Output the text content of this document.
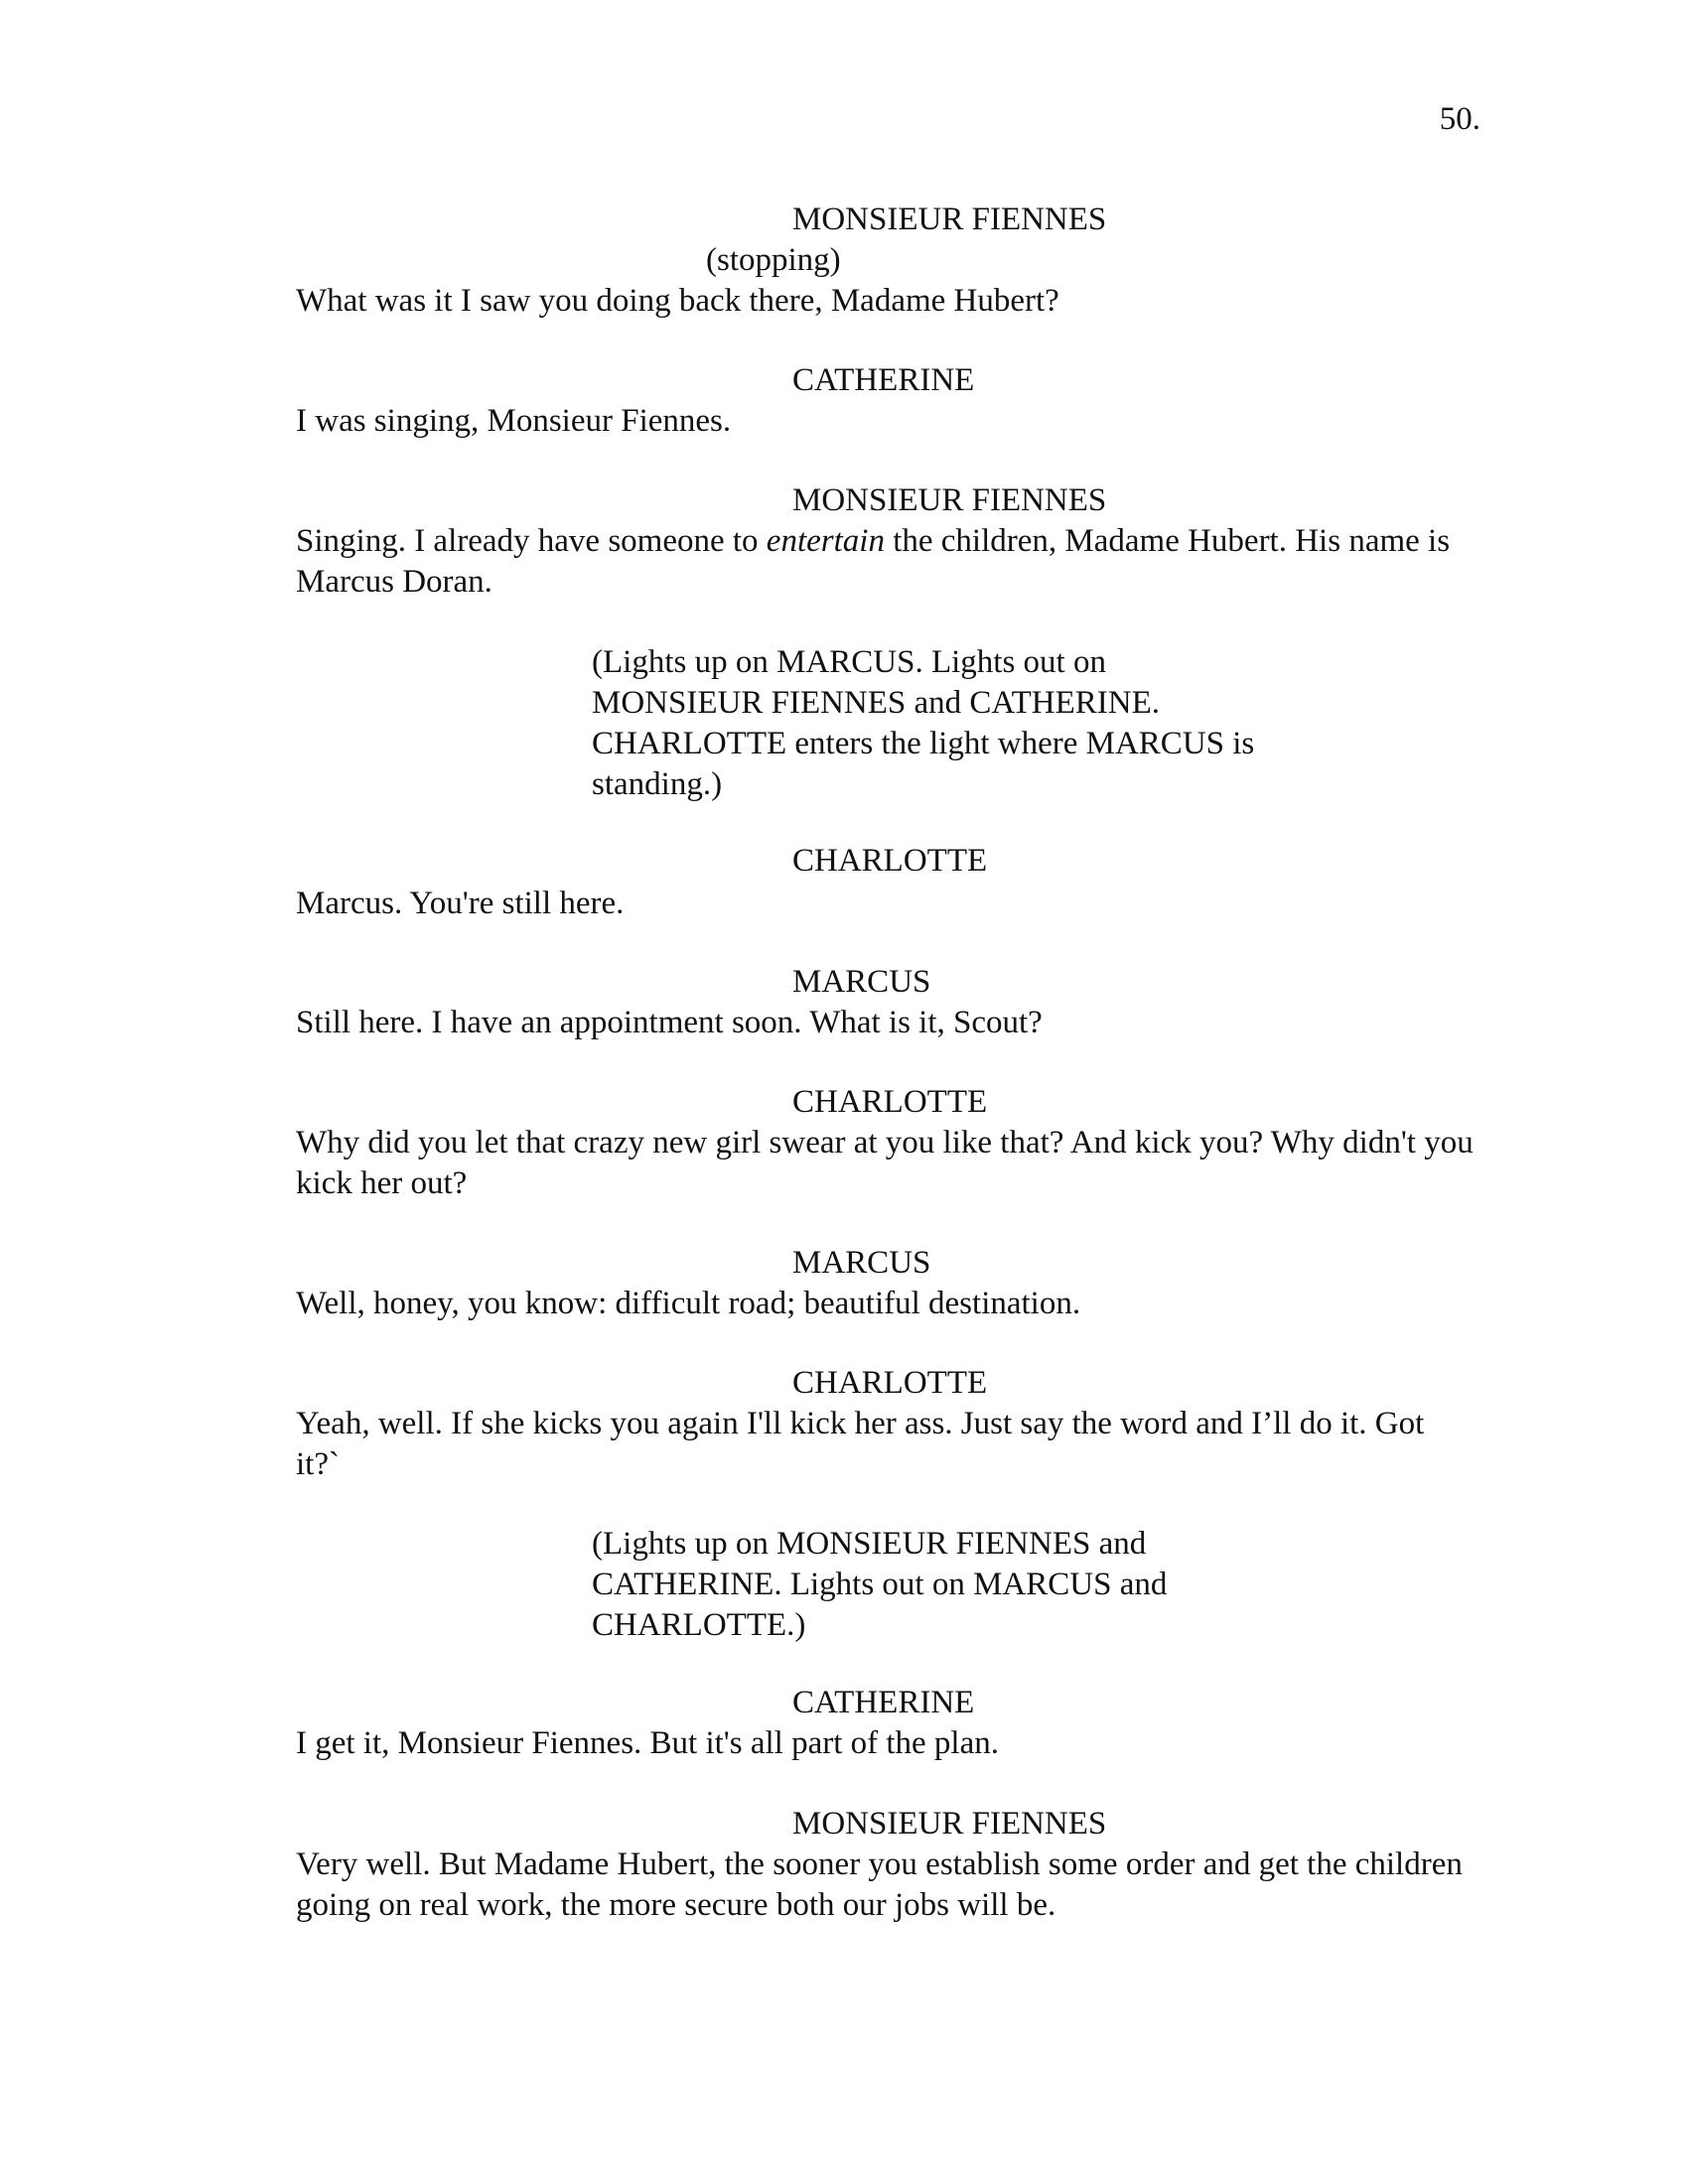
50.
MONSIEUR FIENNES
(stopping)
What was it I saw you doing back there, Madame Hubert?
CATHERINE
I was singing, Monsieur Fiennes.
MONSIEUR FIENNES
Singing. I already have someone to entertain the children, Madame Hubert. His name is
Marcus Doran.
(Lights up on MARCUS. Lights out on
MONSIEUR FIENNES and CATHERINE.
CHARLOTTE enters the light where MARCUS is
standing.)
CHARLOTTE
Marcus. You're still here.
MARCUS
Still here. I have an appointment soon. What is it, Scout?
CHARLOTTE
Why did you let that crazy new girl swear at you like that? And kick you? Why didn't you
kick her out?
MARCUS
Well, honey, you know: difficult road; beautiful destination.
CHARLOTTE
Yeah, well. If she kicks you again I'll kick her ass. Just say the word and I’ll do it. Got
it?`
(Lights up on MONSIEUR FIENNES and
CATHERINE. Lights out on MARCUS and
CHARLOTTE.)
CATHERINE
I get it, Monsieur Fiennes. But it's all part of the plan.
MONSIEUR FIENNES
Very well. But Madame Hubert, the sooner you establish some order and get the children
going on real work, the more secure both our jobs will be.
